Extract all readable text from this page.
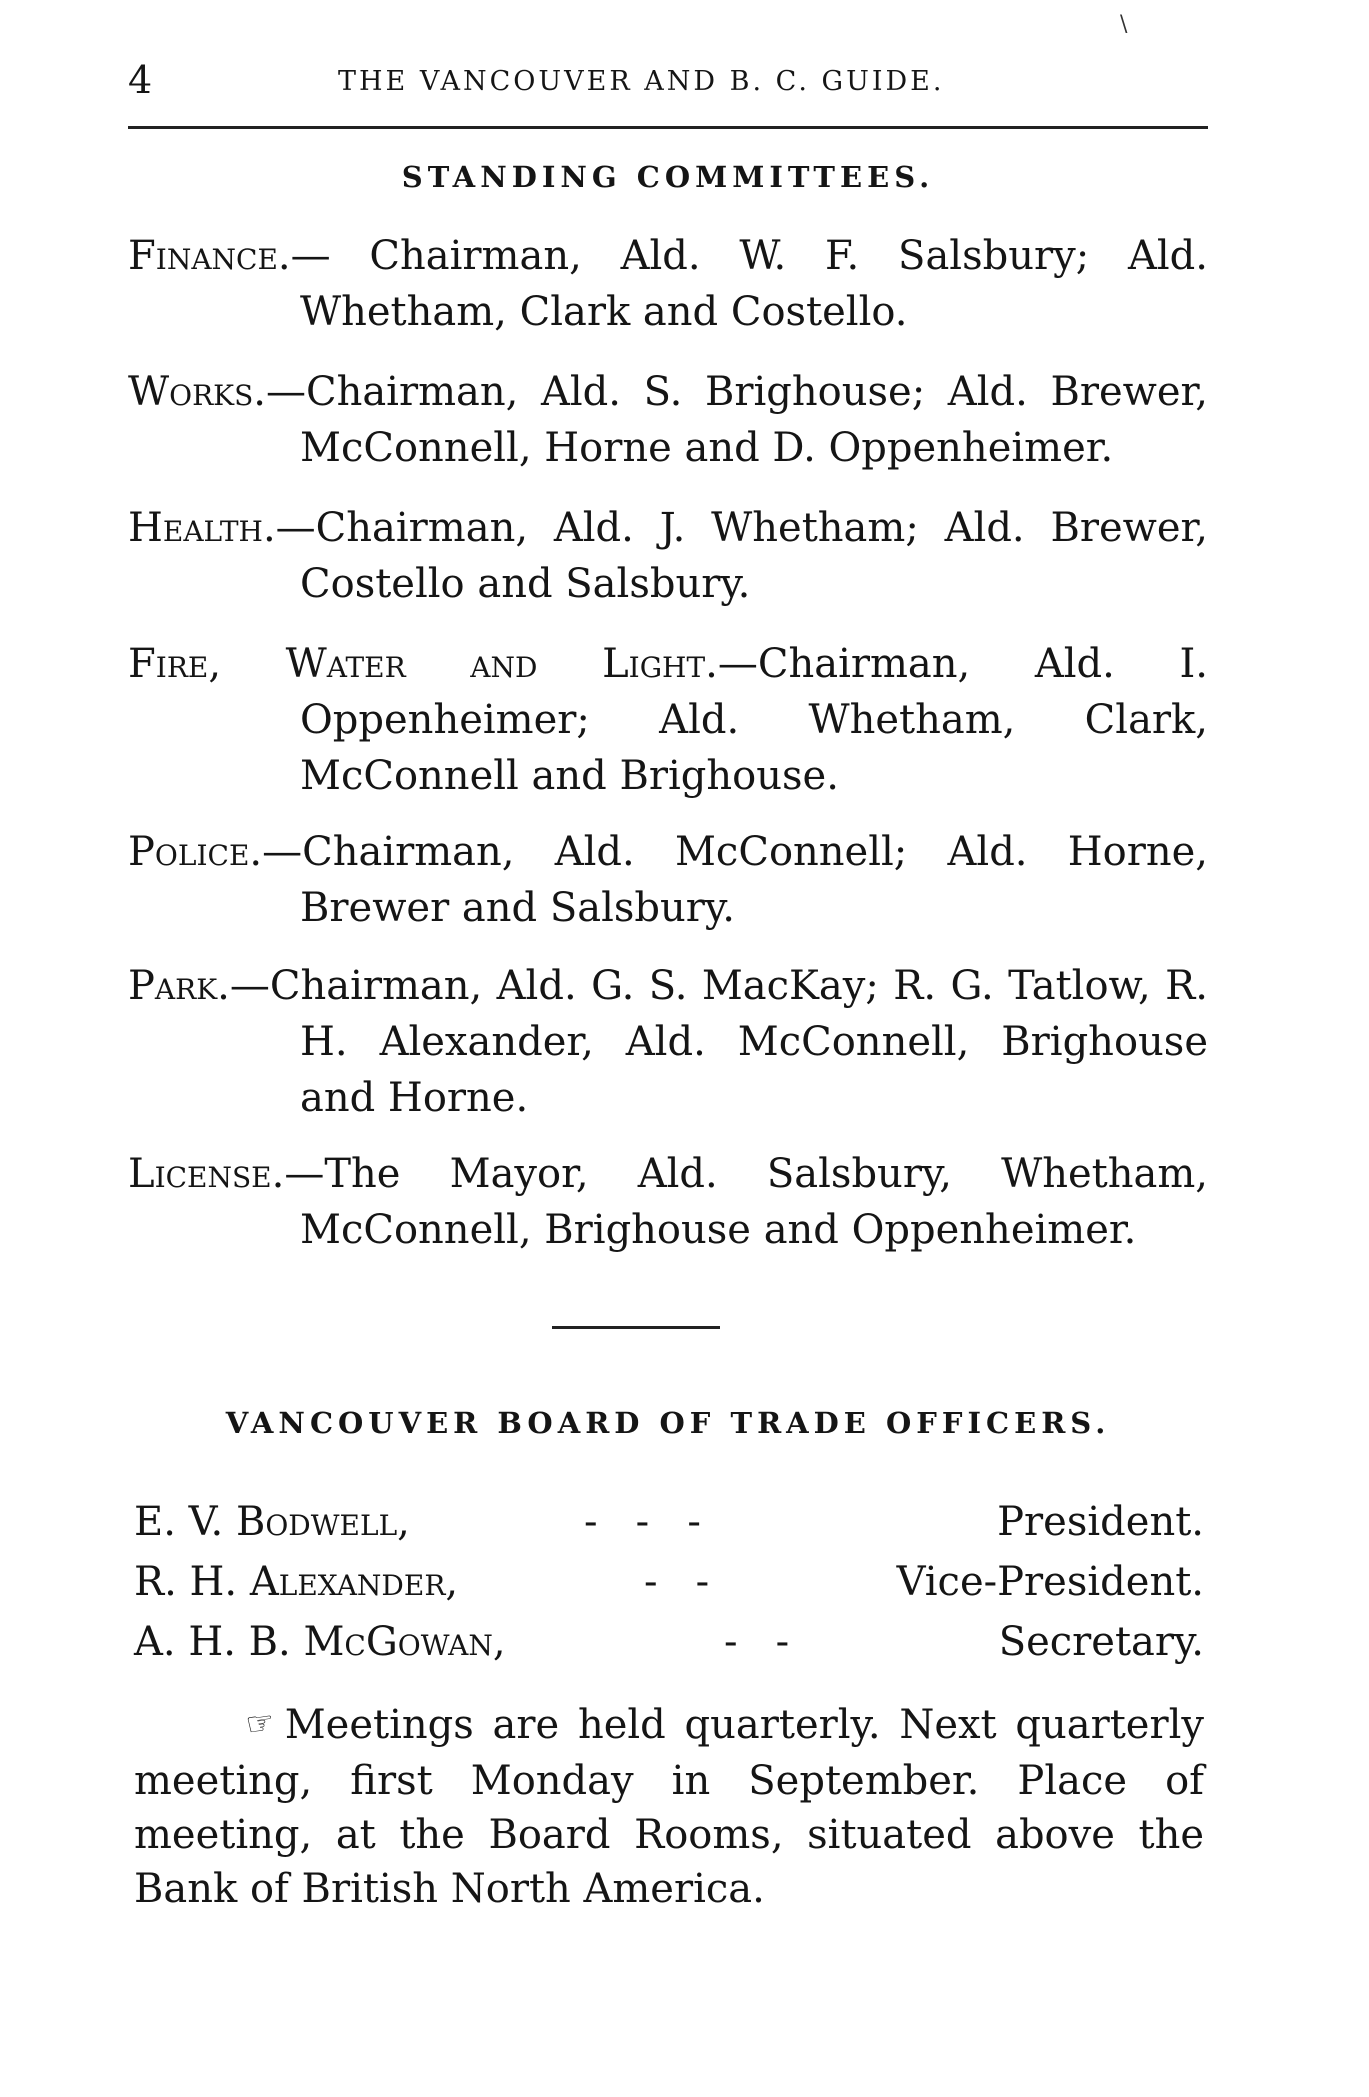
\
4	THE VANCOUVER AND B. C. GUIDE.
STANDING COMMITTEES.
Finance.— Chairman, Ald. W. F. Salsbury; Ald. Whetham, Clark and Costello.
Works.—Chairman, Ald. S. Brighouse; Ald. Brewer, McConnell, Horne and D. Oppenheimer.
Health.—Chairman, Ald. J. Whetham; Ald. Brewer, Costello and Salsbury.
Fire, Water and Light.—Chairman, Ald. I. Oppenheimer; Ald. Whetham, Clark, McConnell and Brighouse.
Police.—Chairman, Ald. McConnell; Ald. Horne, Brewer and Salsbury.
Park.—Chairman, Ald. G. S. MacKay; R. G. Tatlow, R. H. Alexander, Ald. McConnell, Brighouse and Horne.
License.—The Mayor, Ald. Salsbury, Whetham, McConnell, Brighouse and Oppenheimer.
VANCOUVER BOARD OF TRADE OFFICERS.
E. V. Bodwell,	-   -   -	President.
R. H. Alexander,	-   -	Vice-President.
A. H. B. McGowan,	-   -	Secretary.
☞ Meetings are held quarterly. Next quarterly meeting, first Monday in September. Place of meeting, at the Board Rooms, situated above the Bank of British North America.
